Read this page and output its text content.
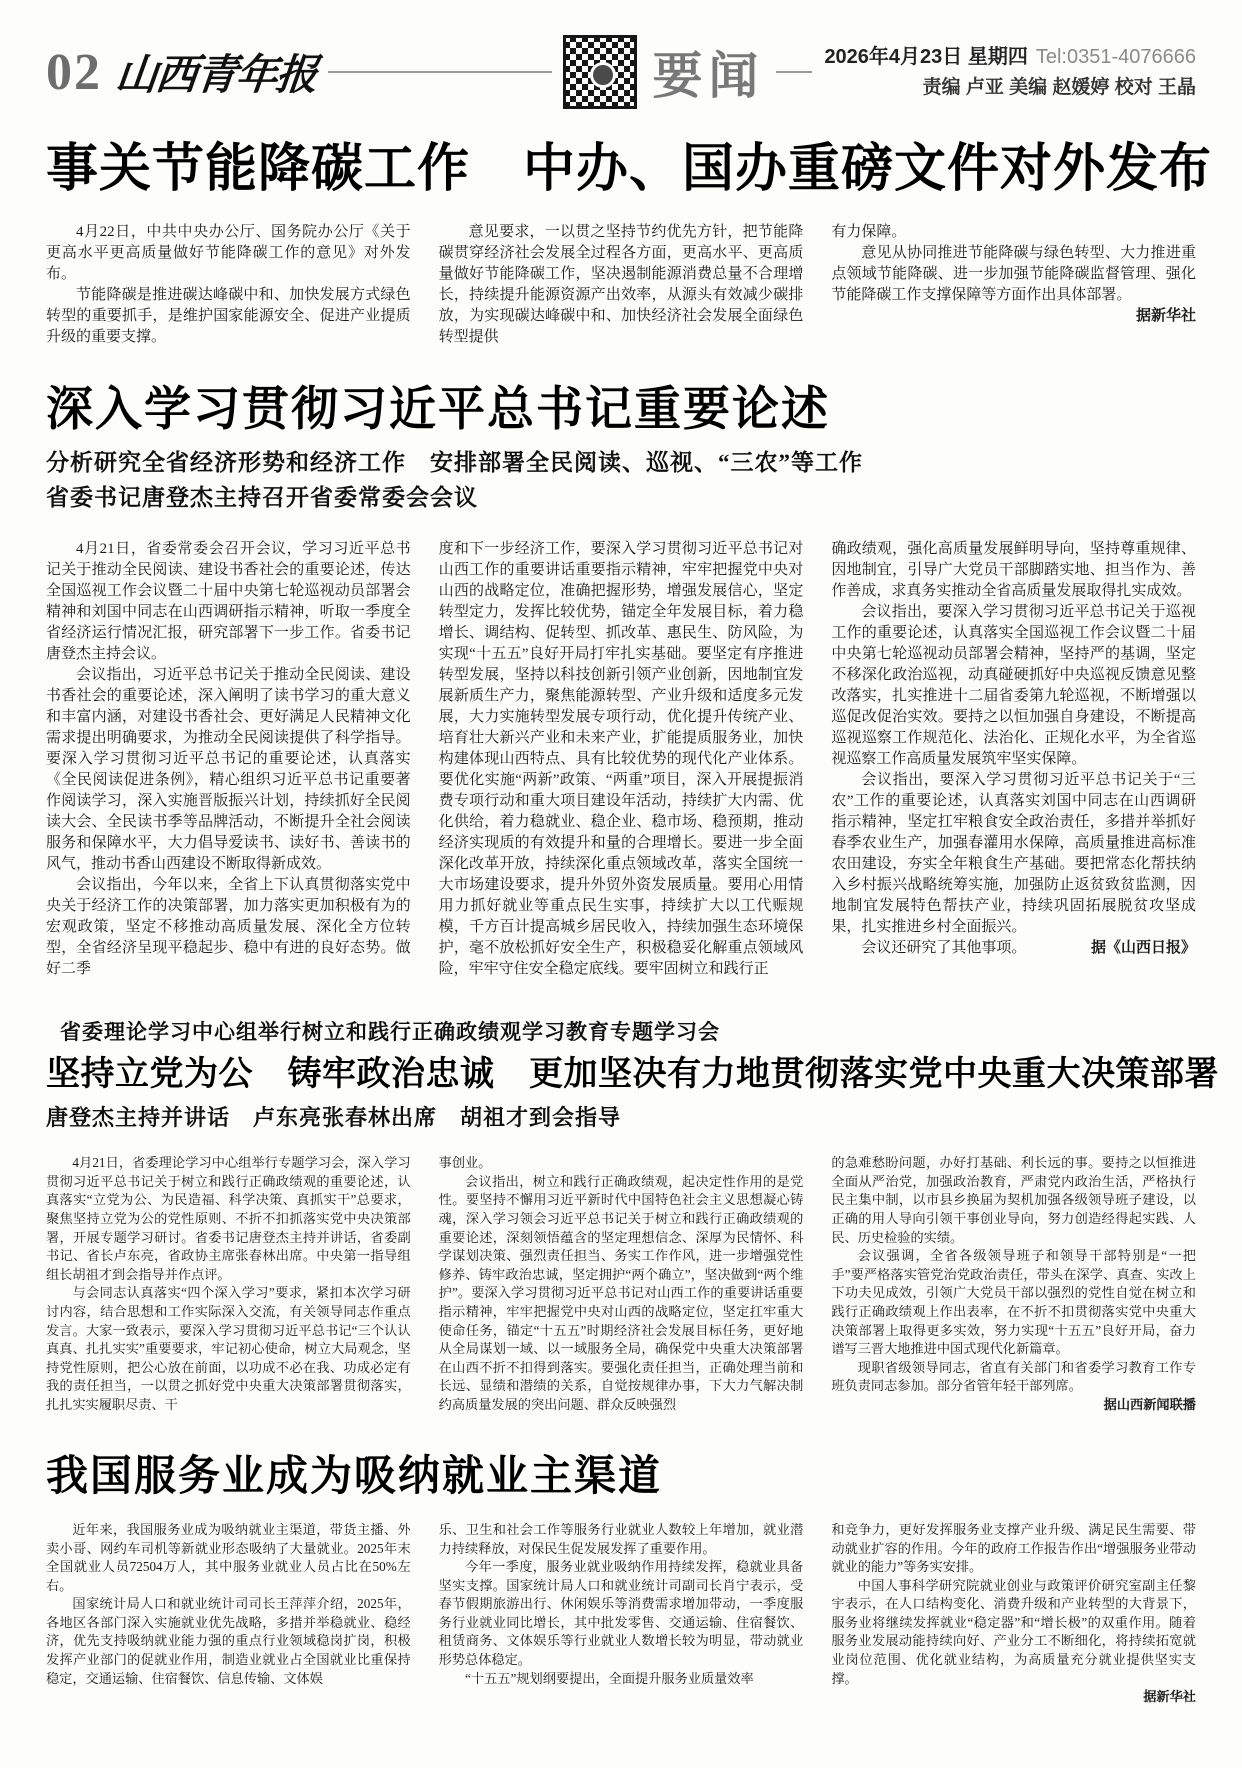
02 山西青年报	要闻	2026年4月23日 星期四 Tel:0351-4076666
责编 卢亚 美编 赵媛婷 校对 王晶
事关节能降碳工作　中办、国办重磅文件对外发布

4月22日，中共中央办公厅、国务院办公厅《关于更高水平更高质量做好节能降碳工作的意见》对外发布。

节能降碳是推进碳达峰碳中和、加快发展方式绿色转型的重要抓手，是维护国家能源安全、促进产业提质升级的重要支撑。

意见要求，一以贯之坚持节约优先方针，把节能降碳贯穿经济社会发展全过程各方面，更高水平、更高质量做好节能降碳工作，坚决遏制能源消费总量不合理增长，持续提升能源资源产出效率，从源头有效减少碳排放，为实现碳达峰碳中和、加快经济社会发展全面绿色转型提供

有力保障。

意见从协同推进节能降碳与绿色转型、大力推进重点领域节能降碳、进一步加强节能降碳监督管理、强化节能降碳工作支撑保障等方面作出具体部署。

据新华社

深入学习贯彻习近平总书记重要论述
分析研究全省经济形势和经济工作　安排部署全民阅读、巡视、“三农”等工作
省委书记唐登杰主持召开省委常委会会议

4月21日，省委常委会召开会议，学习习近平总书记关于推动全民阅读、建设书香社会的重要论述，传达全国巡视工作会议暨二十届中央第七轮巡视动员部署会精神和刘国中同志在山西调研指示精神，听取一季度全省经济运行情况汇报，研究部署下一步工作。省委书记唐登杰主持会议。

会议指出，习近平总书记关于推动全民阅读、建设书香社会的重要论述，深入阐明了读书学习的重大意义和丰富内涵，对建设书香社会、更好满足人民精神文化需求提出明确要求，为推动全民阅读提供了科学指导。要深入学习贯彻习近平总书记的重要论述，认真落实《全民阅读促进条例》，精心组织习近平总书记重要著作阅读学习，深入实施晋版振兴计划，持续抓好全民阅读大会、全民读书季等品牌活动，不断提升全社会阅读服务和保障水平，大力倡导爱读书、读好书、善读书的风气，推动书香山西建设不断取得新成效。

会议指出，今年以来，全省上下认真贯彻落实党中央关于经济工作的决策部署，加力落实更加积极有为的宏观政策，坚定不移推动高质量发展、深化全方位转型，全省经济呈现平稳起步、稳中有进的良好态势。做好二季

度和下一步经济工作，要深入学习贯彻习近平总书记对山西工作的重要讲话重要指示精神，牢牢把握党中央对山西的战略定位，准确把握形势，增强发展信心，坚定转型定力，发挥比较优势，锚定全年发展目标，着力稳增长、调结构、促转型、抓改革、惠民生、防风险，为实现“十五五”良好开局打牢扎实基础。要坚定有序推进转型发展，坚持以科技创新引领产业创新，因地制宜发展新质生产力，聚焦能源转型、产业升级和适度多元发展，大力实施转型发展专项行动，优化提升传统产业、培育壮大新兴产业和未来产业，扩能提质服务业，加快构建体现山西特点、具有比较优势的现代化产业体系。要优化实施“两新”政策、“两重”项目，深入开展提振消费专项行动和重大项目建设年活动，持续扩大内需、优化供给，着力稳就业、稳企业、稳市场、稳预期，推动经济实现质的有效提升和量的合理增长。要进一步全面深化改革开放，持续深化重点领域改革，落实全国统一大市场建设要求，提升外贸外资发展质量。要用心用情用力抓好就业等重点民生实事，持续扩大以工代赈规模，千方百计提高城乡居民收入，持续加强生态环境保护，毫不放松抓好安全生产，积极稳妥化解重点领域风险，牢牢守住安全稳定底线。要牢固树立和践行正

确政绩观，强化高质量发展鲜明导向，坚持尊重规律、因地制宜，引导广大党员干部脚踏实地、担当作为、善作善成，求真务实推动全省高质量发展取得扎实成效。

会议指出，要深入学习贯彻习近平总书记关于巡视工作的重要论述，认真落实全国巡视工作会议暨二十届中央第七轮巡视动员部署会精神，坚持严的基调，坚定不移深化政治巡视，动真碰硬抓好中央巡视反馈意见整改落实，扎实推进十二届省委第九轮巡视，不断增强以巡促改促治实效。要持之以恒加强自身建设，不断提高巡视巡察工作规范化、法治化、正规化水平，为全省巡视巡察工作高质量发展筑牢坚实保障。

会议指出，要深入学习贯彻习近平总书记关于“三农”工作的重要论述，认真落实刘国中同志在山西调研指示精神，坚定扛牢粮食安全政治责任，多措并举抓好春季农业生产，加强春灌用水保障，高质量推进高标准农田建设，夯实全年粮食生产基础。要把常态化帮扶纳入乡村振兴战略统筹实施，加强防止返贫致贫监测，因地制宜发展特色帮扶产业，持续巩固拓展脱贫攻坚成果，扎实推进乡村全面振兴。

会议还研究了其他事项。	据《山西日报》

省委理论学习中心组举行树立和践行正确政绩观学习教育专题学习会
坚持立党为公　铸牢政治忠诚　更加坚决有力地贯彻落实党中央重大决策部署
唐登杰主持并讲话　卢东亮张春林出席　胡祖才到会指导

4月21日，省委理论学习中心组举行专题学习会，深入学习贯彻习近平总书记关于树立和践行正确政绩观的重要论述，认真落实“立党为公、为民造福、科学决策、真抓实干”总要求，聚焦坚持立党为公的党性原则、不折不扣抓落实党中央决策部署，开展专题学习研讨。省委书记唐登杰主持并讲话，省委副书记、省长卢东亮，省政协主席张春林出席。中央第一指导组组长胡祖才到会指导并作点评。

与会同志认真落实“四个深入学习”要求，紧扣本次学习研讨内容，结合思想和工作实际深入交流，有关领导同志作重点发言。大家一致表示，要深入学习贯彻习近平总书记“三个认认真真、扎扎实实”重要要求，牢记初心使命，树立大局观念，坚持党性原则，把公心放在前面，以功成不必在我、功成必定有我的责任担当，一以贯之抓好党中央重大决策部署贯彻落实，扎扎实实履职尽责、干

事创业。

会议指出，树立和践行正确政绩观，起决定性作用的是党性。要坚持不懈用习近平新时代中国特色社会主义思想凝心铸魂，深入学习领会习近平总书记关于树立和践行正确政绩观的重要论述，深刻领悟蕴含的坚定理想信念、深厚为民情怀、科学谋划决策、强烈责任担当、务实工作作风，进一步增强党性修养、铸牢政治忠诚，坚定拥护“两个确立”，坚决做到“两个维护”。要深入学习贯彻习近平总书记对山西工作的重要讲话重要指示精神，牢牢把握党中央对山西的战略定位，坚定扛牢重大使命任务，锚定“十五五”时期经济社会发展目标任务，更好地从全局谋划一域、以一域服务全局，确保党中央重大决策部署在山西不折不扣得到落实。要强化责任担当，正确处理当前和长远、显绩和潜绩的关系，自觉按规律办事，下大力气解决制约高质量发展的突出问题、群众反映强烈

的急难愁盼问题，办好打基础、利长远的事。要持之以恒推进全面从严治党，加强政治教育，严肃党内政治生活，严格执行民主集中制，以市县乡换届为契机加强各级领导班子建设，以正确的用人导向引领干事创业导向，努力创造经得起实践、人民、历史检验的实绩。

会议强调，全省各级领导班子和领导干部特别是“一把手”要严格落实管党治党政治责任，带头在深学、真查、实改上下功夫见成效，引领广大党员干部以强烈的党性自觉在树立和践行正确政绩观上作出表率，在不折不扣贯彻落实党中央重大决策部署上取得更多实效，努力实现“十五五”良好开局，奋力谱写三晋大地推进中国式现代化新篇章。

现职省级领导同志，省直有关部门和省委学习教育工作专班负责同志参加。部分省管年轻干部列席。

据山西新闻联播

我国服务业成为吸纳就业主渠道

近年来，我国服务业成为吸纳就业主渠道，带货主播、外卖小哥、网约车司机等新就业形态吸纳了大量就业。2025年末全国就业人员72504万人，其中服务业就业人员占比在50%左右。

国家统计局人口和就业统计司司长王萍萍介绍，2025年，各地区各部门深入实施就业优先战略，多措并举稳就业、稳经济，优先支持吸纳就业能力强的重点行业领域稳岗扩岗，积极发挥产业部门的促就业作用，制造业就业占全国就业比重保持稳定，交通运输、住宿餐饮、信息传输、文体娱

乐、卫生和社会工作等服务行业就业人数较上年增加，就业潜力持续释放，对保民生促发展发挥了重要作用。

今年一季度，服务业就业吸纳作用持续发挥，稳就业具备坚实支撑。国家统计局人口和就业统计司副司长肖宁表示，受春节假期旅游出行、休闲娱乐等消费需求增加带动，一季度服务行业就业同比增长，其中批发零售、交通运输、住宿餐饮、租赁商务、文体娱乐等行业就业人数增长较为明显，带动就业形势总体稳定。

“十五五”规划纲要提出，全面提升服务业质量效率

和竞争力，更好发挥服务业支撑产业升级、满足民生需要、带动就业扩容的作用。今年的政府工作报告作出“增强服务业带动就业的能力”等务实安排。

中国人事科学研究院就业创业与政策评价研究室副主任黎宇表示，在人口结构变化、消费升级和产业转型的大背景下，服务业将继续发挥就业“稳定器”和“增长极”的双重作用。随着服务业发展动能持续向好、产业分工不断细化，将持续拓宽就业岗位范围、优化就业结构，为高质量充分就业提供坚实支撑。

据新华社
